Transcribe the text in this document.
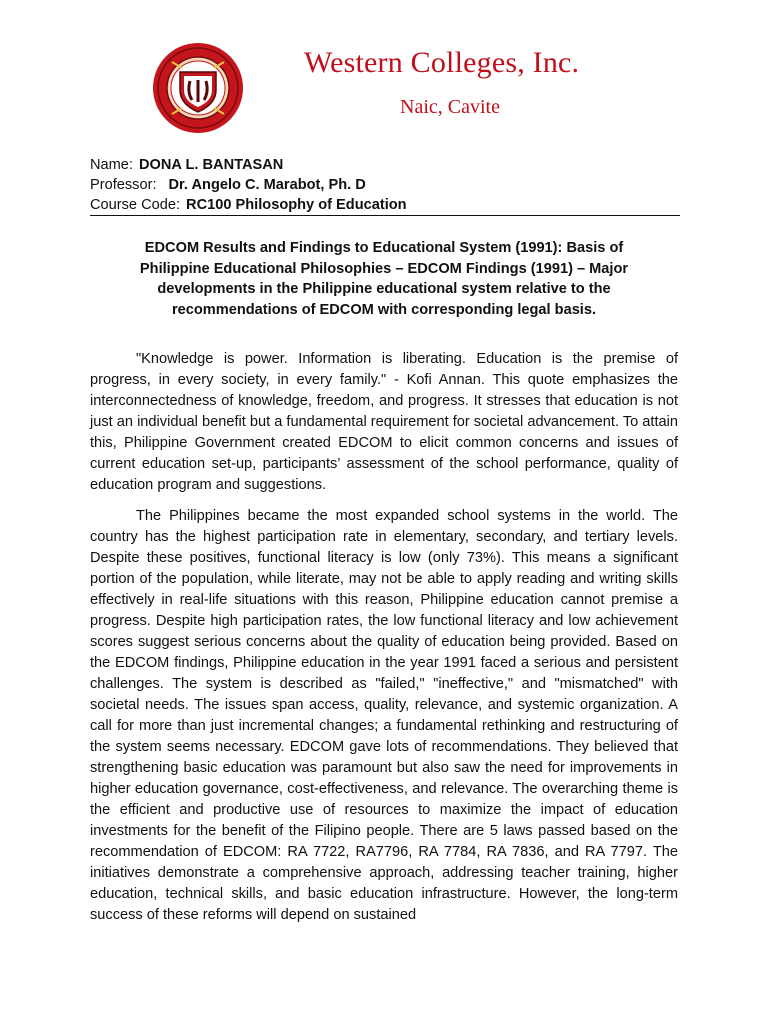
Western Colleges, Inc.
Naic, Cavite
Name: DONA L. BANTASAN
Professor: Dr. Angelo C. Marabot, Ph. D
Course Code: RC100 Philosophy of Education
EDCOM Results and Findings to Educational System (1991): Basis of Philippine Educational Philosophies – EDCOM Findings (1991) – Major developments in the Philippine educational system relative to the recommendations of EDCOM with corresponding legal basis.

"Knowledge is power. Information is liberating. Education is the premise of progress, in every society, in every family." - Kofi Annan. This quote emphasizes the interconnectedness of knowledge, freedom, and progress. It stresses that education is not just an individual benefit but a fundamental requirement for societal advancement. To attain this, Philippine Government created EDCOM to elicit common concerns and issues of current education set-up, participants’ assessment of the school performance, quality of education program and suggestions.

The Philippines became the most expanded school systems in the world. The country has the highest participation rate in elementary, secondary, and tertiary levels. Despite these positives, functional literacy is low (only 73%). This means a significant portion of the population, while literate, may not be able to apply reading and writing skills effectively in real-life situations with this reason, Philippine education cannot premise a progress. Despite high participation rates, the low functional literacy and low achievement scores suggest serious concerns about the quality of education being provided. Based on the EDCOM findings, Philippine education in the year 1991 faced a serious and persistent challenges. The system is described as "failed," "ineffective," and "mismatched" with societal needs. The issues span access, quality, relevance, and systemic organization. A call for more than just incremental changes; a fundamental rethinking and restructuring of the system seems necessary. EDCOM gave lots of recommendations. They believed that strengthening basic education was paramount but also saw the need for improvements in higher education governance, cost-effectiveness, and relevance. The overarching theme is the efficient and productive use of resources to maximize the impact of education investments for the benefit of the Filipino people. There are 5 laws passed based on the recommendation of EDCOM: RA 7722, RA7796, RA 7784, RA 7836, and RA 7797. The initiatives demonstrate a comprehensive approach, addressing teacher training, higher education, technical skills, and basic education infrastructure. However, the long-term success of these reforms will depend on sustained
